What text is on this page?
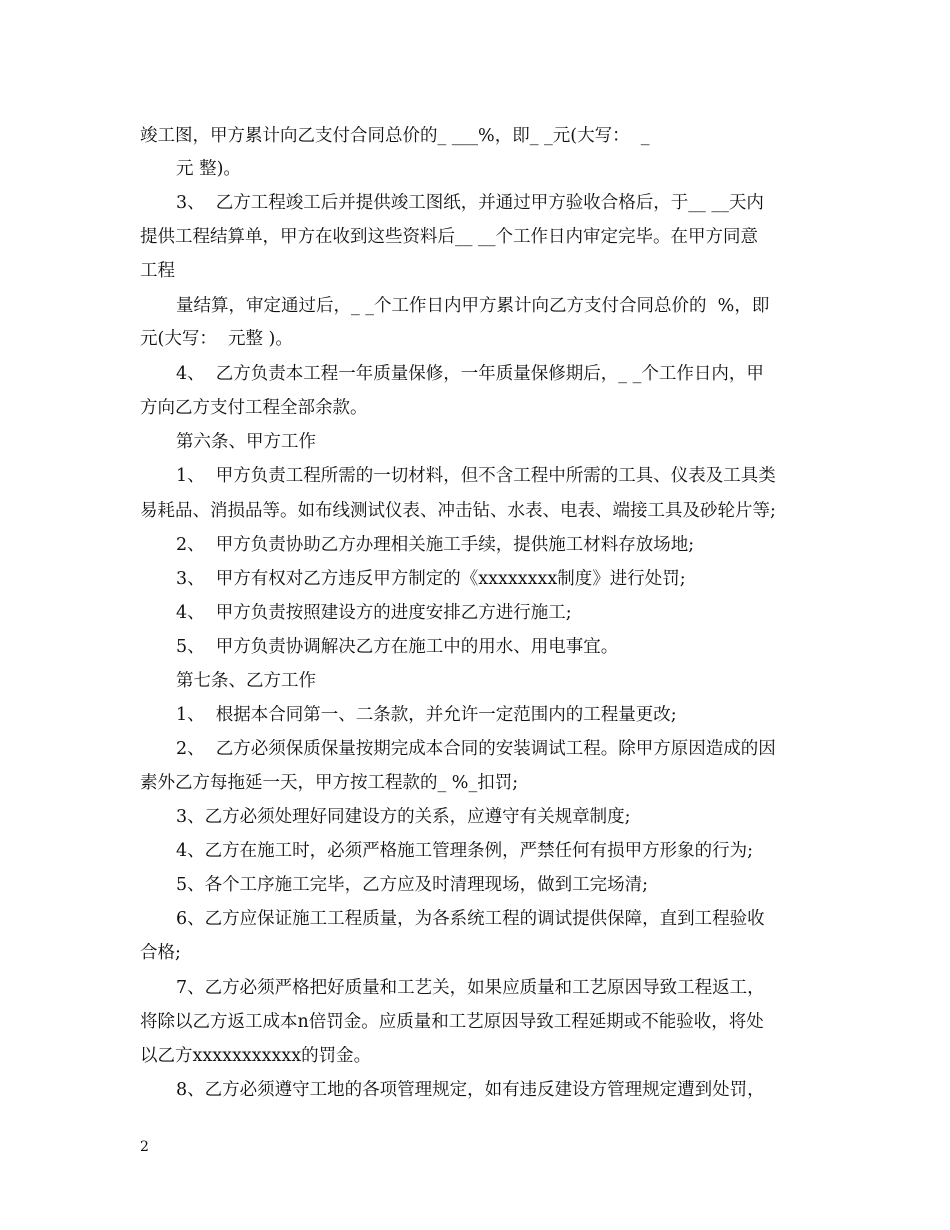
竣工图，甲方累计向乙支付合同总价的_ ___%，即_ _元(大写：  _
元 整)。
3、  乙方工程竣工后并提供竣工图纸，并通过甲方验收合格后，于__ __天内
提供工程结算单，甲方在收到这些资料后__ __个工作日内审定完毕。在甲方同意
工程
量结算，审定通过后，_ _个工作日内甲方累计向乙方支付合同总价的  %，即
元(大写：  元整 )。
4、  乙方负责本工程一年质量保修，一年质量保修期后，_ _个工作日内，甲
方向乙方支付工程全部余款。
第六条、甲方工作
1、  甲方负责工程所需的一切材料，但不含工程中所需的工具、仪表及工具类
易耗品、消损品等。如布线测试仪表、冲击钻、水表、电表、端接工具及砂轮片等;
2、  甲方负责协助乙方办理相关施工手续，提供施工材料存放场地;
3、  甲方有权对乙方违反甲方制定的《xxxxxxxx制度》进行处罚;
4、  甲方负责按照建设方的进度安排乙方进行施工;
5、  甲方负责协调解决乙方在施工中的用水、用电事宜。
第七条、乙方工作
1、  根据本合同第一、二条款，并允许一定范围内的工程量更改;
2、  乙方必须保质保量按期完成本合同的安装调试工程。除甲方原因造成的因
素外乙方每拖延一天，甲方按工程款的_ %_扣罚;
3、乙方必须处理好同建设方的关系，应遵守有关规章制度;
4、乙方在施工时，必须严格施工管理条例，严禁任何有损甲方形象的行为;
5、各个工序施工完毕，乙方应及时清理现场，做到工完场清;
6、乙方应保证施工工程质量，为各系统工程的调试提供保障，直到工程验收
合格;
7、乙方必须严格把好质量和工艺关，如果应质量和工艺原因导致工程返工，
将除以乙方返工成本n倍罚金。应质量和工艺原因导致工程延期或不能验收，将处
以乙方xxxxxxxxxxx的罚金。
8、乙方必须遵守工地的各项管理规定，如有违反建设方管理规定遭到处罚，
2
